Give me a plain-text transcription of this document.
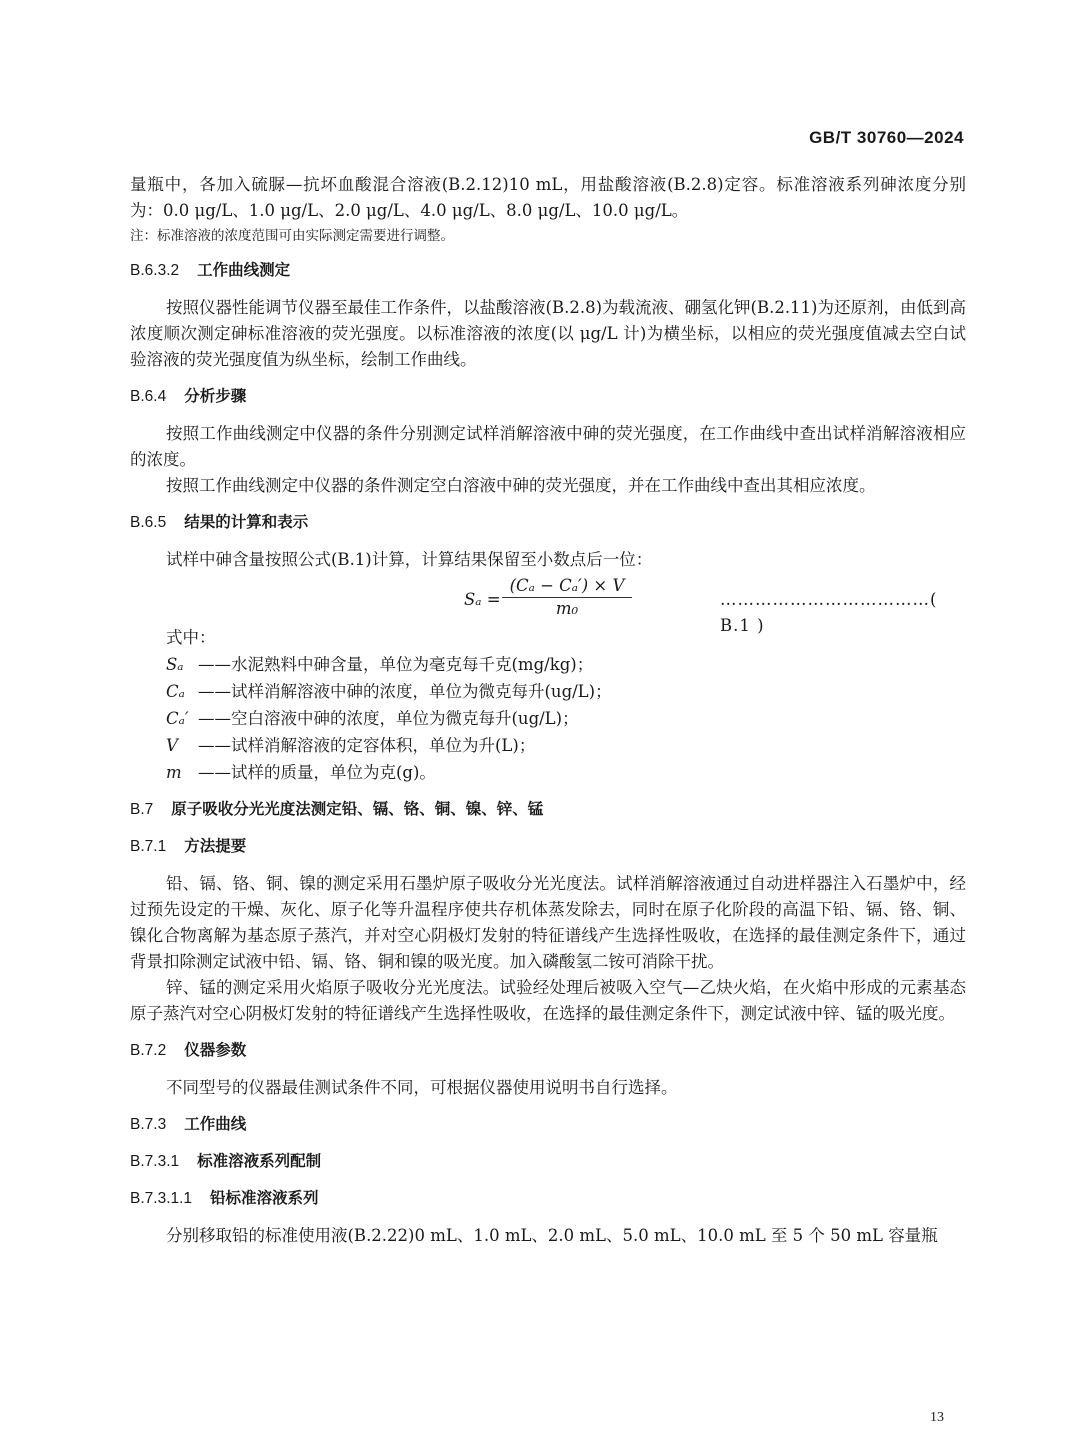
GB/T 30760—2024

量瓶中，各加入硫脲—抗坏血酸混合溶液(B.2.12)10 mL，用盐酸溶液(B.2.8)定容。标准溶液系列砷浓度分别为：0.0 μg/L、1.0 μg/L、2.0 μg/L、4.0 μg/L、8.0 μg/L、10.0 μg/L。

注：标准溶液的浓度范围可由实际测定需要进行调整。

B.6.3.2 工作曲线测定

按照仪器性能调节仪器至最佳工作条件，以盐酸溶液(B.2.8)为载流液、硼氢化钾(B.2.11)为还原剂，由低到高浓度顺次测定砷标准溶液的荧光强度。以标准溶液的浓度(以 μg/L 计)为横坐标，以相应的荧光强度值减去空白试验溶液的荧光强度值为纵坐标，绘制工作曲线。

B.6.4 分析步骤

按照工作曲线测定中仪器的条件分别测定试样消解溶液中砷的荧光强度，在工作曲线中查出试样消解溶液相应的浓度。

按照工作曲线测定中仪器的条件测定空白溶液中砷的荧光强度，并在工作曲线中查出其相应浓度。

B.6.5 结果的计算和表示

试样中砷含量按照公式(B.1)计算，计算结果保留至小数点后一位：

$S_a = \frac{\text{(Cₐ − Cₐ′) × V}}{\text{m₀}}$	………………………………( B.1 )

式中：

Sₐ ——水泥熟料中砷含量，单位为毫克每千克(mg/kg)；
Cₐ ——试样消解溶液中砷的浓度，单位为微克每升(ug/L)；
Cₐ′ ——空白溶液中砷的浓度，单位为微克每升(ug/L)；
V	——试样消解溶液的定容体积，单位为升(L)；
m ——试样的质量，单位为克(g)。
B.7 原子吸收分光光度法测定铅、镉、铬、铜、镍、锌、锰
B.7.1 方法提要

铅、镉、铬、铜、镍的测定采用石墨炉原子吸收分光光度法。试样消解溶液通过自动进样器注入石墨炉中，经过预先设定的干燥、灰化、原子化等升温程序使共存机体蒸发除去，同时在原子化阶段的高温下铅、镉、铬、铜、镍化合物离解为基态原子蒸汽，并对空心阴极灯发射的特征谱线产生选择性吸收，在选择的最佳测定条件下，通过背景扣除测定试液中铅、镉、铬、铜和镍的吸光度。加入磷酸氢二铵可消除干扰。

锌、锰的测定采用火焰原子吸收分光光度法。试验经处理后被吸入空气—乙炔火焰，在火焰中形成的元素基态原子蒸汽对空心阴极灯发射的特征谱线产生选择性吸收，在选择的最佳测定条件下，测定试液中锌、锰的吸光度。

B.7.2 仪器参数

不同型号的仪器最佳测试条件不同，可根据仪器使用说明书自行选择。

B.7.3 工作曲线
B.7.3.1 标准溶液系列配制
B.7.3.1.1 铅标准溶液系列

分别移取铅的标准使用液(B.2.22)0 mL、1.0 mL、2.0 mL、5.0 mL、10.0 mL 至 5 个 50 mL 容量瓶

13
